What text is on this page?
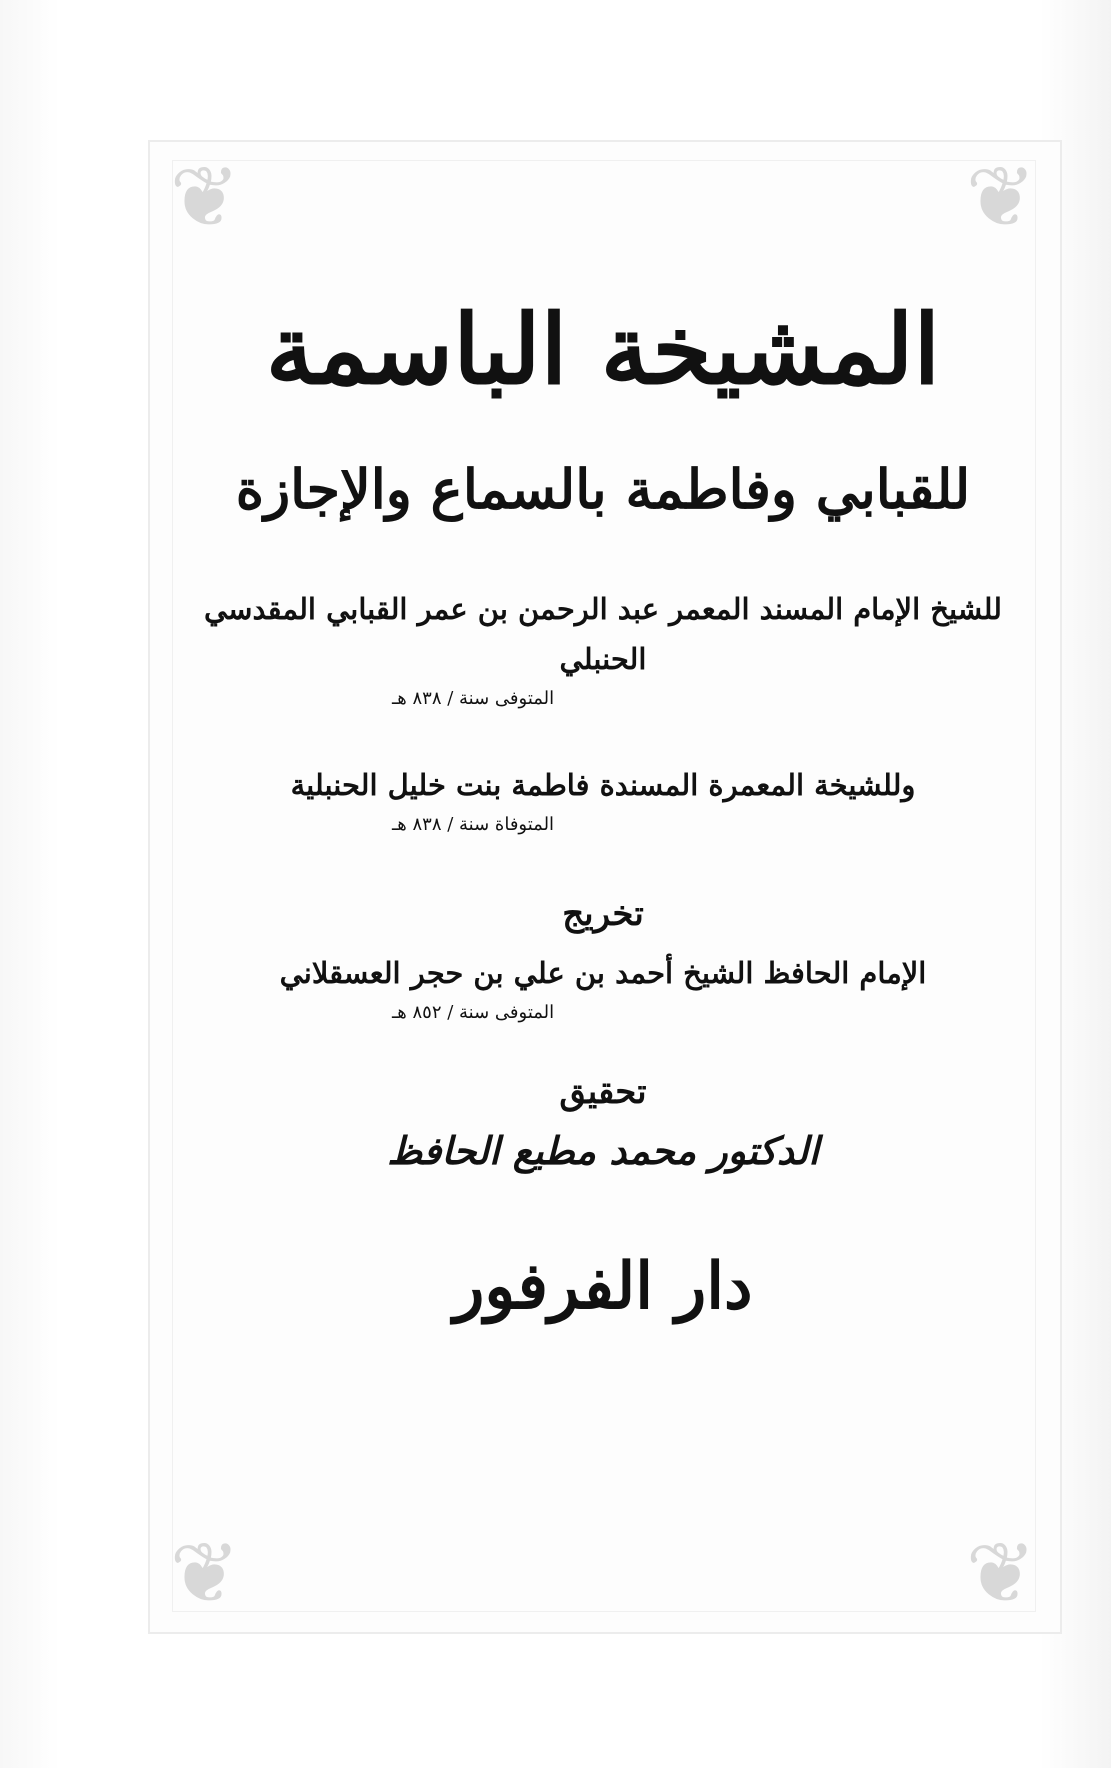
❦	❦
❦	❦
المشيخة الباسمة
للقبابي وفاطمة بالسماع والإجازة
للشيخ الإمام المسند المعمر عبد الرحمن بن عمر القبابي المقدسي الحنبلي
المتوفى سنة / ٨٣٨ هـ
وللشيخة المعمرة المسندة فاطمة بنت خليل الحنبلية
المتوفاة سنة / ٨٣٨ هـ
تخريج
الإمام الحافظ الشيخ أحمد بن علي بن حجر العسقلاني
المتوفى سنة / ٨٥٢ هـ
تحقيق
الدكتور محمد مطيع الحافظ
دار الفرفور
